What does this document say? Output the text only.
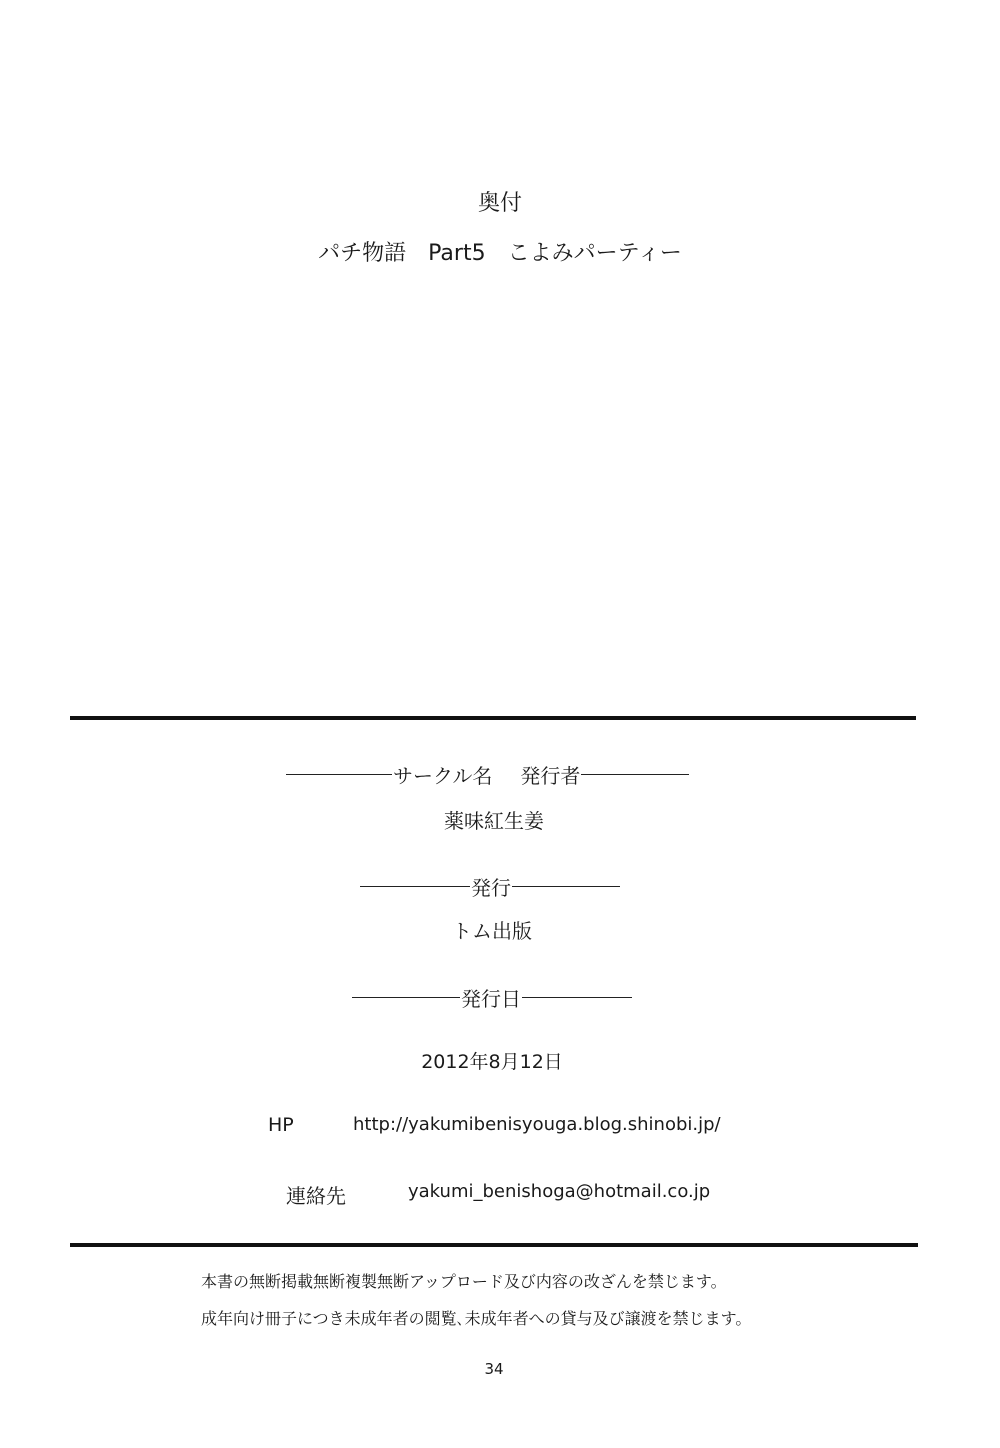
奥付
パチ物語　Part5　こよみパーティー
サークル名 発行者
薬味紅生姜
発行
トム出版
発行日
2012年8月12日
HP	http://yakumibenisyouga.blog.shinobi.jp/
連絡先	yakumi_benishoga@hotmail.co.jp
本書の無断掲載無断複製無断アップロード及び内容の改ざんを禁じます。
成年向け冊子につき未成年者の閲覧､未成年者への貸与及び譲渡を禁じます。
34
